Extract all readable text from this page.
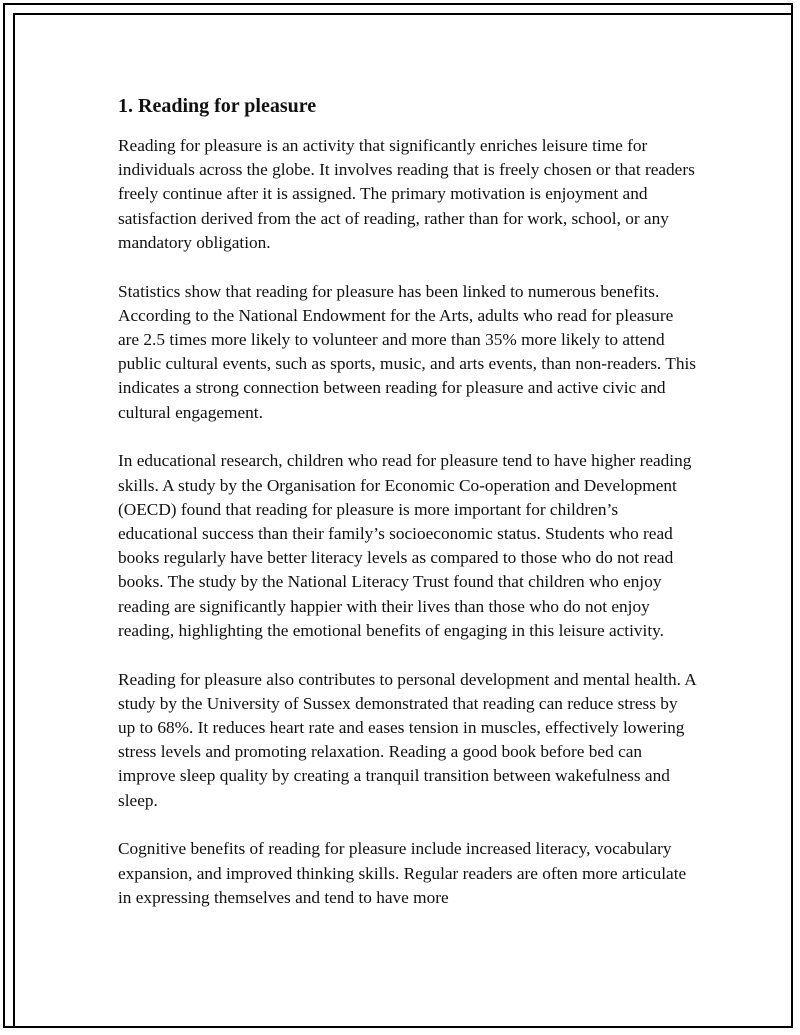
1. Reading for pleasure

Reading for pleasure is an activity that significantly enriches leisure time for individuals across the globe. It involves reading that is freely chosen or that readers freely continue after it is assigned. The primary motivation is enjoyment and satisfaction derived from the act of reading, rather than for work, school, or any mandatory obligation.

Statistics show that reading for pleasure has been linked to numerous benefits. According to the National Endowment for the Arts, adults who read for pleasure are 2.5 times more likely to volunteer and more than 35% more likely to attend public cultural events, such as sports, music, and arts events, than non-readers. This indicates a strong connection between reading for pleasure and active civic and cultural engagement.

In educational research, children who read for pleasure tend to have higher reading skills. A study by the Organisation for Economic Co-operation and Development (OECD) found that reading for pleasure is more important for children’s educational success than their family’s socioeconomic status. Students who read books regularly have better literacy levels as compared to those who do not read books. The study by the National Literacy Trust found that children who enjoy reading are significantly happier with their lives than those who do not enjoy reading, highlighting the emotional benefits of engaging in this leisure activity.

Reading for pleasure also contributes to personal development and mental health. A study by the University of Sussex demonstrated that reading can reduce stress by up to 68%. It reduces heart rate and eases tension in muscles, effectively lowering stress levels and promoting relaxation. Reading a good book before bed can improve sleep quality by creating a tranquil transition between wakefulness and sleep.

Cognitive benefits of reading for pleasure include increased literacy, vocabulary expansion, and improved thinking skills. Regular readers are often more articulate in expressing themselves and tend to have more
